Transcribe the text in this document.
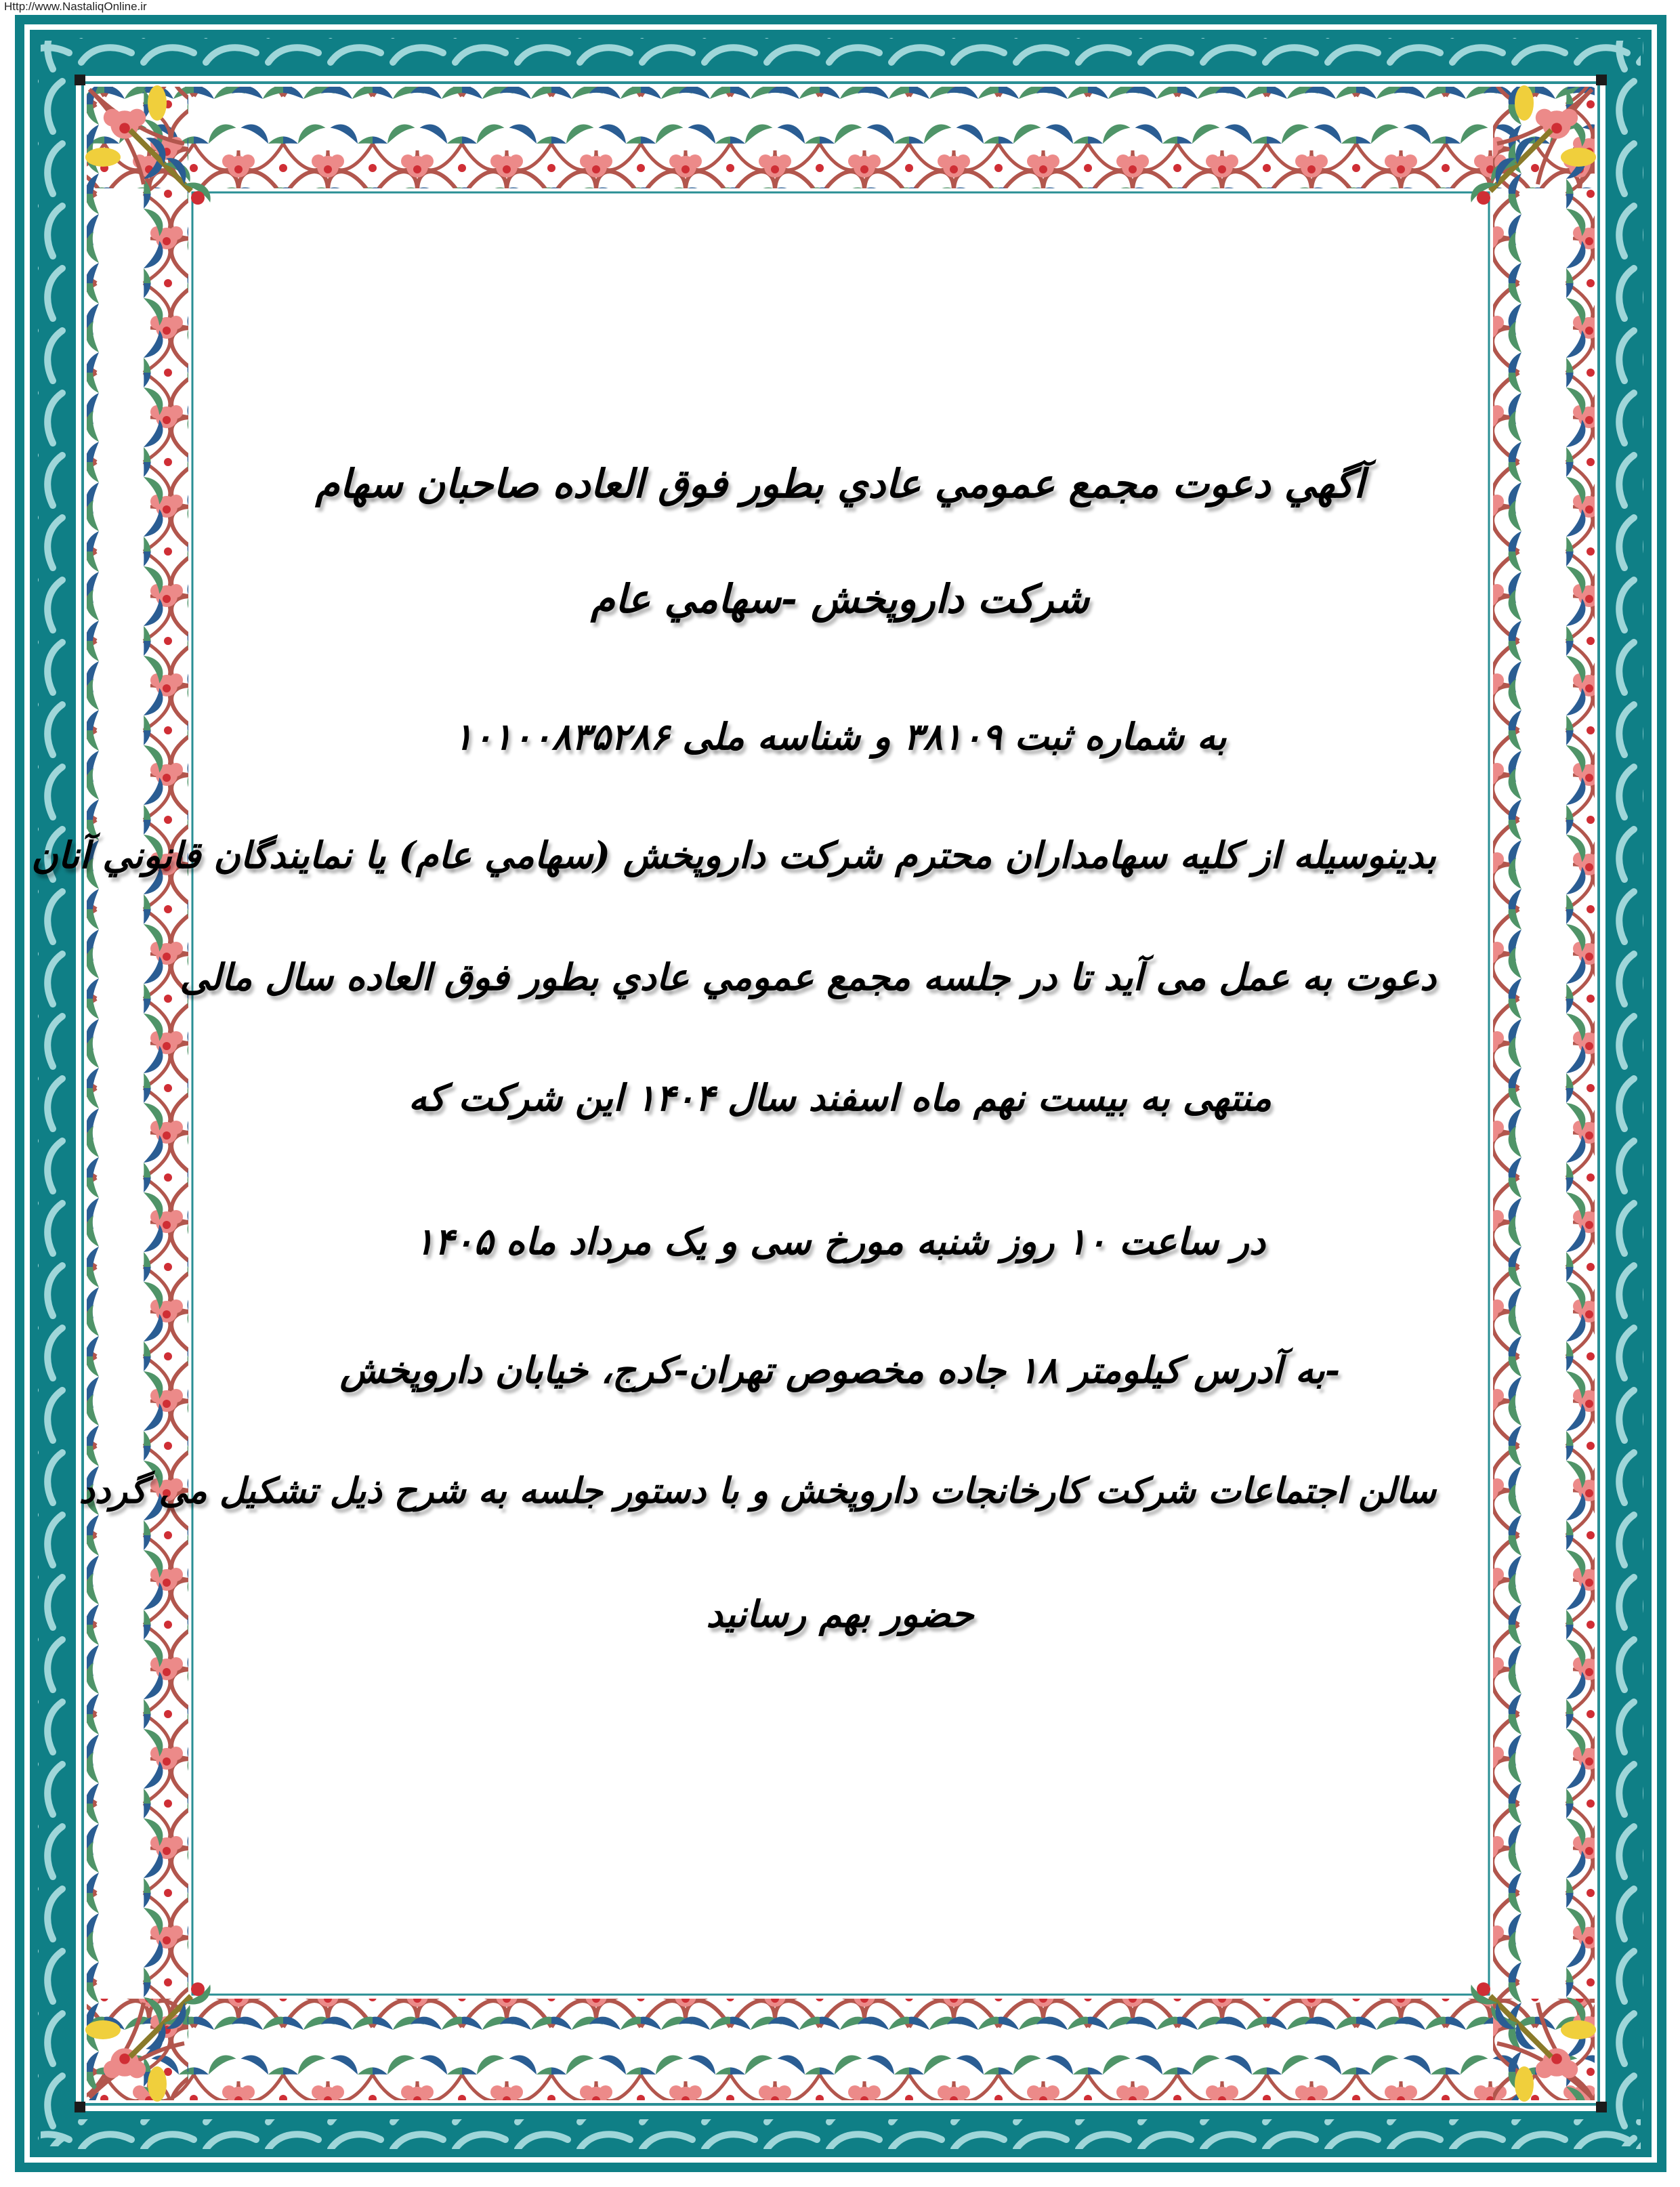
Http://www.NastaliqOnline.ir
آگهي دعوت مجمع عمومي عادي بطور فوق العاده صاحبان سهام
شرکت داروپخش -سهامي عام
به شماره ثبت ۳۸۱۰۹ و شناسه ملی ۱۰۱۰۰۸۳۵۲۸۶
بدینوسیله از کلیه سهامداران محترم شرکت داروپخش (سهامي عام) یا نمایندگان قانوني آنان
دعوت به عمل می آید تا در جلسه مجمع عمومي عادي بطور فوق العاده سال مالی
منتهی به بیست نهم ماه اسفند سال ۱۴۰۴ این شرکت که
در ساعت ۱۰ روز شنبه مورخ سی و یک مرداد ماه ۱۴۰۵
-به آدرس کیلومتر ۱۸ جاده مخصوص تهران-کرج، خیابان داروپخش
سالن اجتماعات شرکت کارخانجات داروپخش و با دستور جلسه به شرح ذیل تشکیل می گردد
حضور بهم رسانید
